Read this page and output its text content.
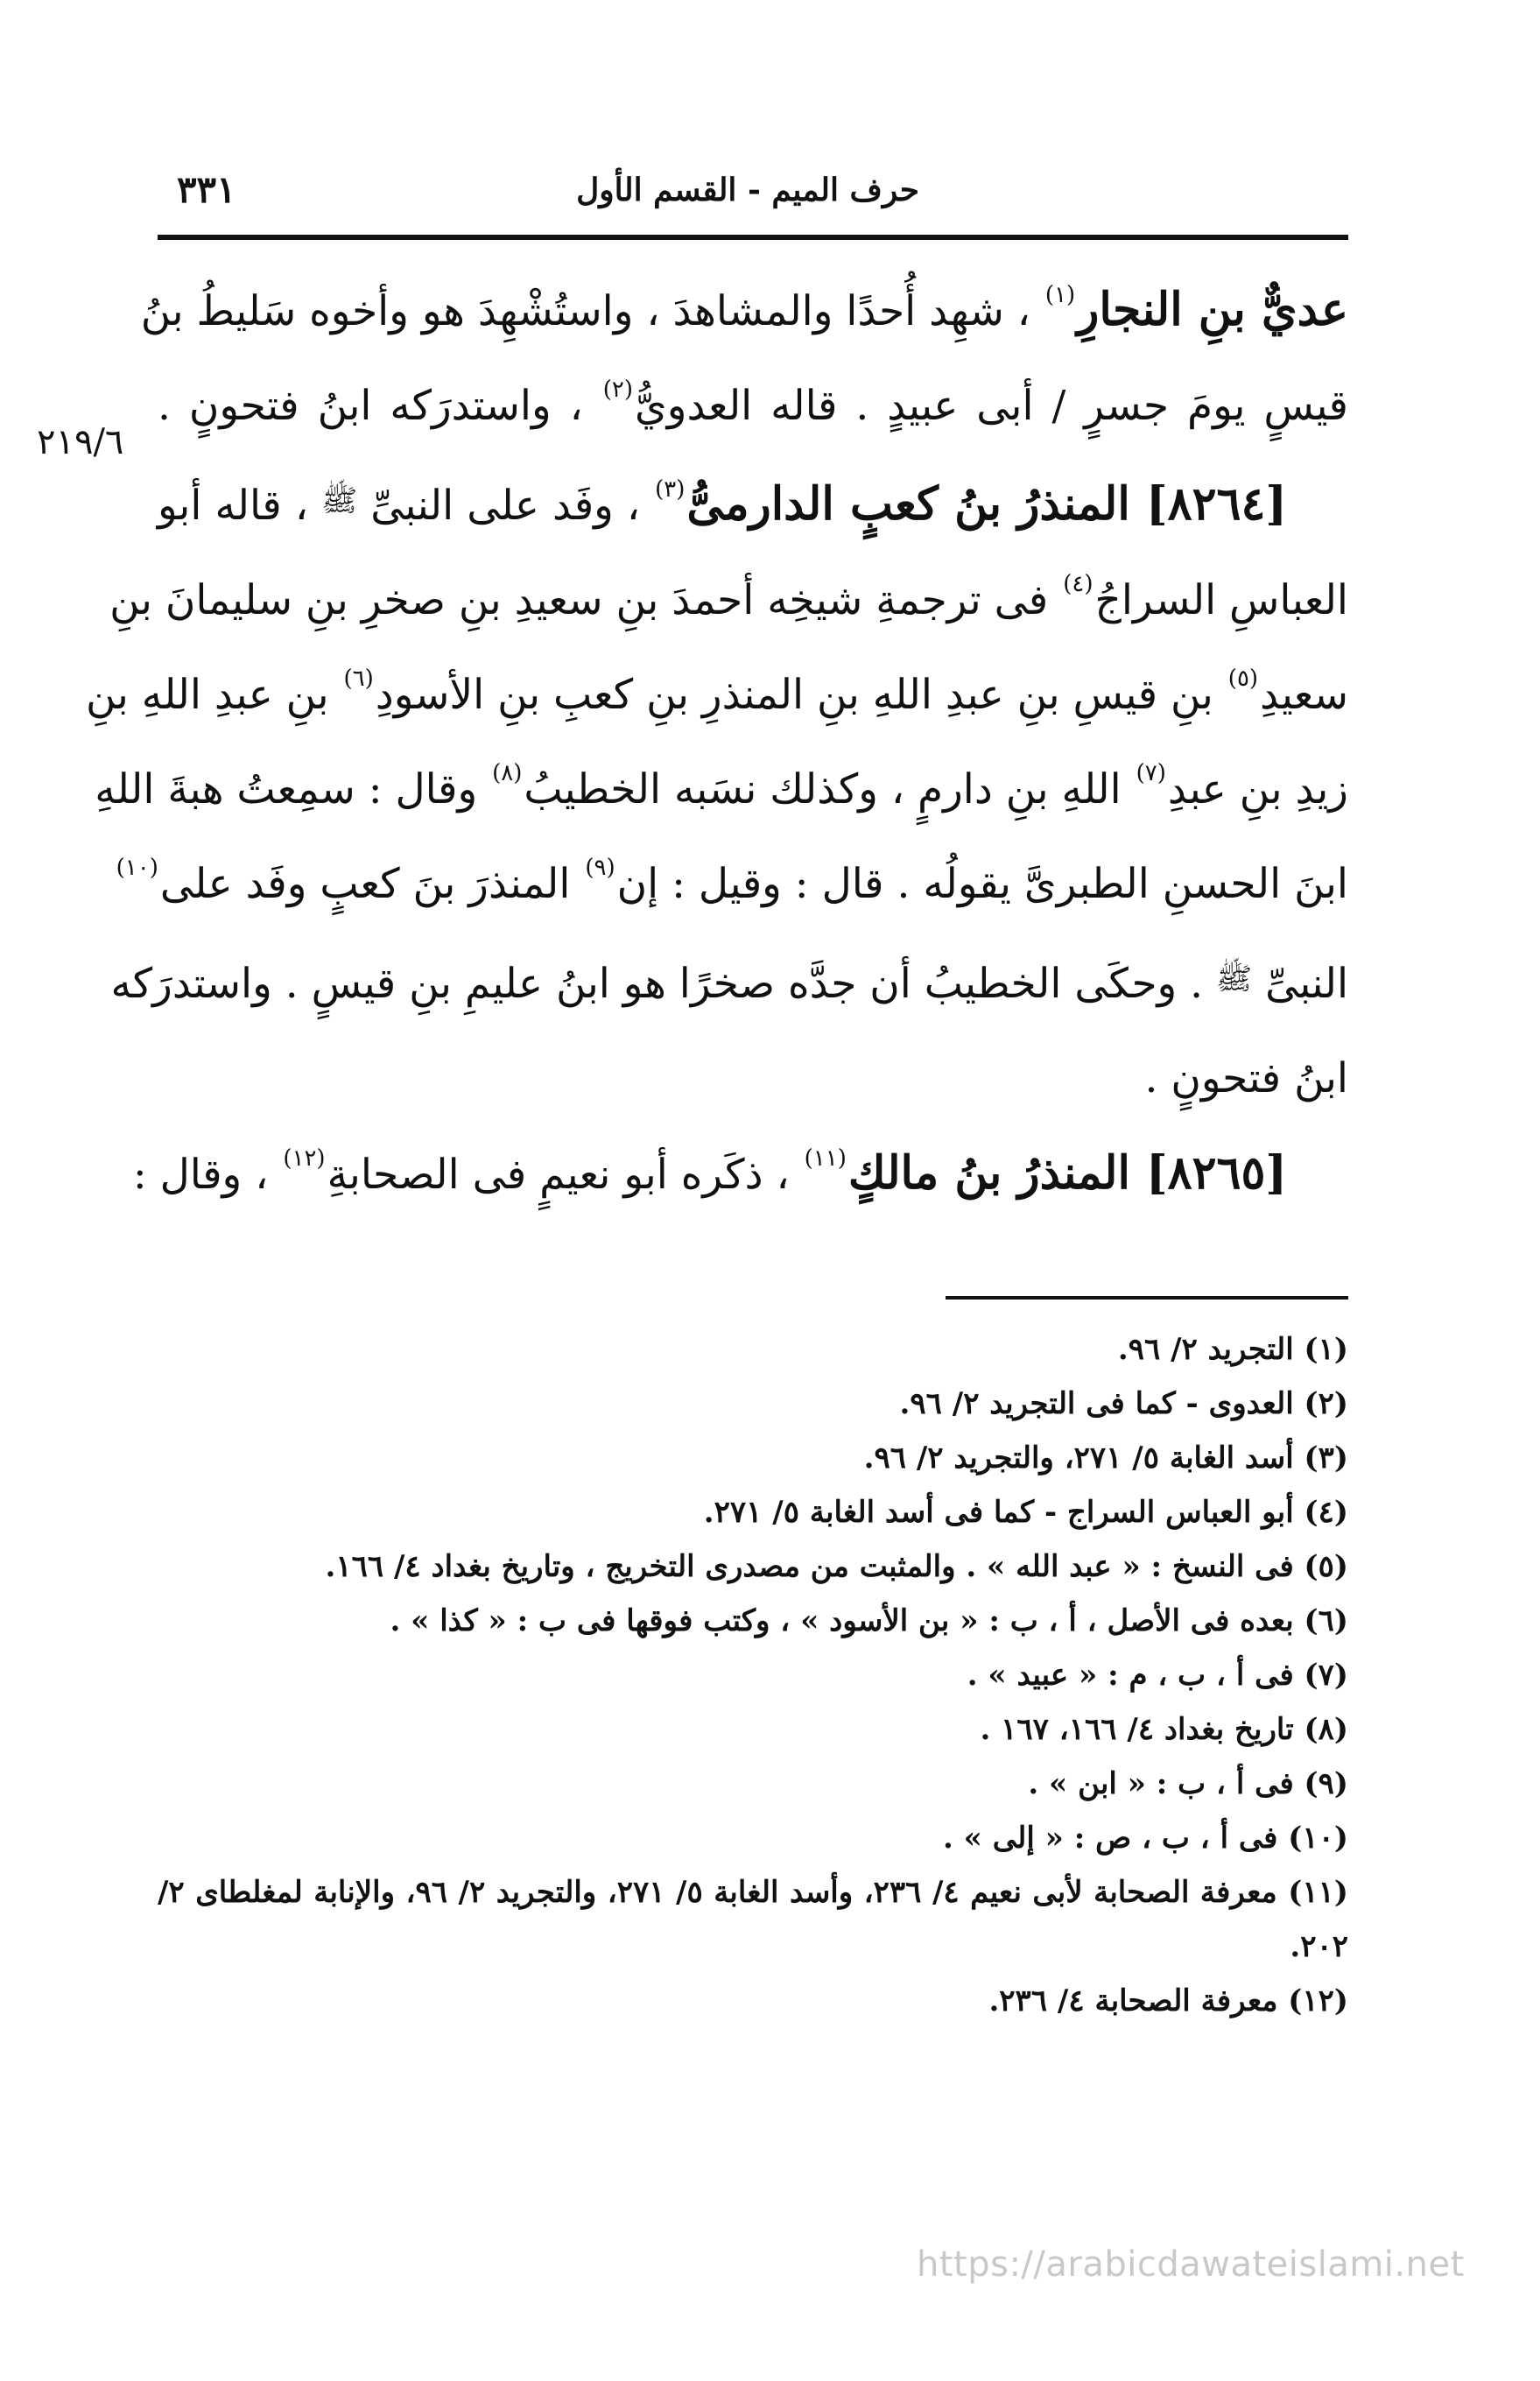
حرف الميم - القسم الأول
٣٣١
٢١٩/٦
عديٌّ بنِ النجارِ$^{(١)}$ ، شهِد أُحدًا والمشاهدَ ، واستُشْهِدَ هو وأخوه سَليطُ بنُ
قيسٍ يومَ جسرٍ / أبى عبيدٍ . قاله العدويُّ$^{(٢)}$ ، واستدرَكه ابنُ فتحونٍ .
[٨٢٦٤] المنذرُ بنُ كعبٍ الدارمىُّ$^{(٣)}$ ، وفَد على النبىِّ $^ﷺ$ ، قاله أبو
العباسِ السراجُ$^{(٤)}$ فى ترجمةِ شيخِه أحمدَ بنِ سعيدِ بنِ صخرِ بنِ سليمانَ بنِ
سعيدِ$^{(٥)}$ بنِ قيسِ بنِ عبدِ اللهِ بنِ المنذرِ بنِ كعبِ بنِ الأسودِ$^{(٦)}$ بنِ عبدِ اللهِ بنِ
زيدِ بنِ عبدِ$^{(٧)}$ اللهِ بنِ دارمٍ ، وكذلك نسَبه الخطيبُ$^{(٨)}$ وقال : سمِعتُ هبةَ اللهِ
ابنَ الحسنِ الطبرىَّ يقولُه . قال : وقيل : إن$^{(٩)}$ المنذرَ بنَ كعبٍ وفَد على$^{(١٠)}$
النبىِّ $^ﷺ$ . وحكَى الخطيبُ أن جدَّه صخرًا هو ابنُ عليمِ بنِ قيسٍ . واستدرَكه
ابنُ فتحونٍ .
[٨٢٦٥] المنذرُ بنُ مالكٍ$^{(١١)}$ ، ذكَره أبو نعيمٍ فى الصحابةِ$^{(١٢)}$ ، وقال :
(١) التجريد ٢/ ٩٦.
(٢) العدوى - كما فى التجريد ٢/ ٩٦.
(٣) أسد الغابة ٥/ ٢٧١، والتجريد ٢/ ٩٦.
(٤) أبو العباس السراج - كما فى أسد الغابة ٥/ ٢٧١.
(٥) فى النسخ : « عبد الله » . والمثبت من مصدرى التخريج ، وتاريخ بغداد ٤/ ١٦٦.
(٦) بعده فى الأصل ، أ ، ب : « بن الأسود » ، وكتب فوقها فى ب : « كذا » .
(٧) فى أ ، ب ، م : « عبيد » .
(٨) تاريخ بغداد ٤/ ١٦٦، ١٦٧ .
(٩) فى أ ، ب : « ابن » .
(١٠) فى أ ، ب ، ص : « إلى » .
(١١) معرفة الصحابة لأبى نعيم ٤/ ٢٣٦، وأسد الغابة ٥/ ٢٧١، والتجريد ٢/ ٩٦، والإنابة لمغلطاى ٢/ ٢٠٢.
(١٢) معرفة الصحابة ٤/ ٢٣٦.
https://arabicdawateislami.net
